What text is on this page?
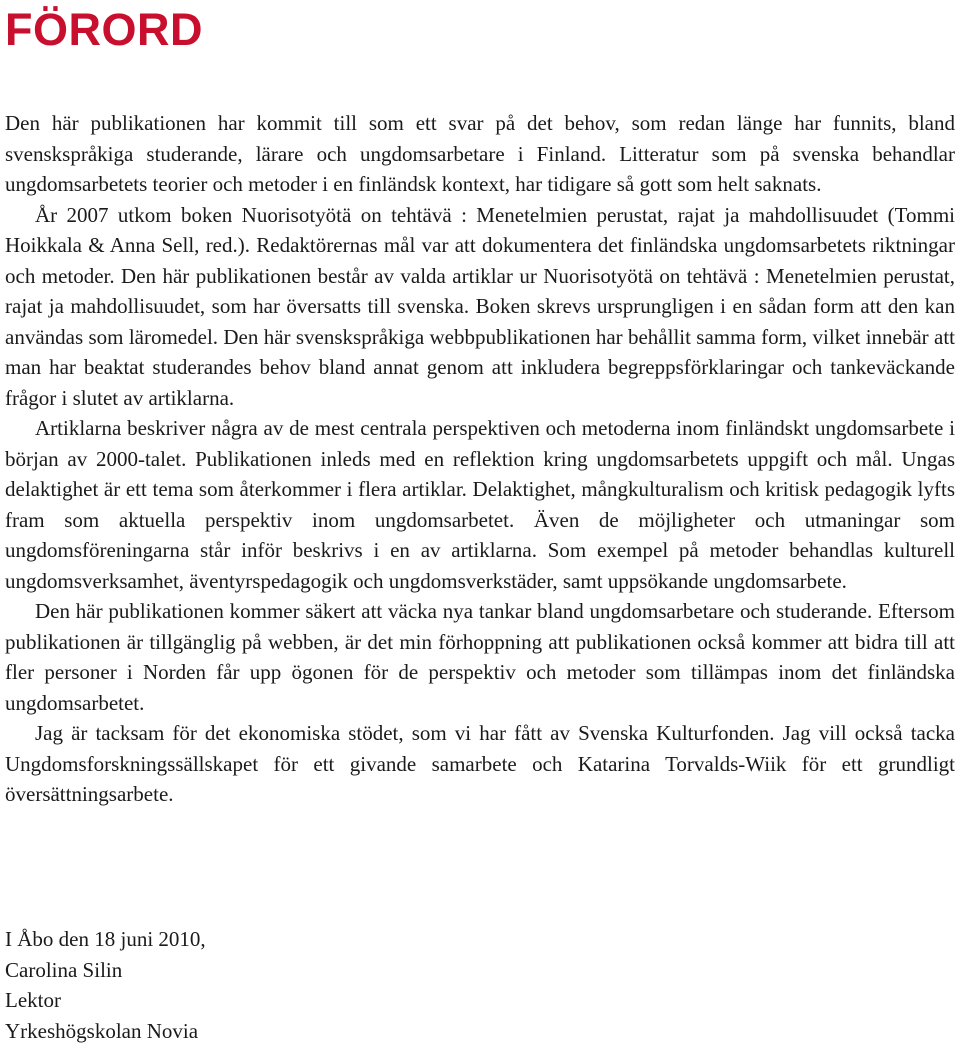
FÖRORD

Den här publikationen har kommit till som ett svar på det behov, som redan länge har funnits, bland svenskspråkiga studerande, lärare och ungdomsarbetare i Finland. Litteratur som på svenska behandlar ungdomsarbetets teorier och metoder i en finländsk kontext, har tidigare så gott som helt saknats.

År 2007 utkom boken Nuorisotyötä on tehtävä : Menetelmien perustat, rajat ja mahdollisuudet (Tommi Hoikkala & Anna Sell, red.). Redaktörernas mål var att dokumentera det finländska ungdomsarbetets riktningar och metoder. Den här publikationen består av valda artiklar ur Nuorisotyötä on tehtävä : Menetelmien perustat, rajat ja mahdollisuudet, som har översatts till svenska. Boken skrevs ursprungligen i en sådan form att den kan användas som läromedel. Den här svenskspråkiga webbpublikationen har behållit samma form, vilket innebär att man har beaktat studerandes behov bland annat genom att inkludera begreppsförklaringar och tankeväckande frågor i slutet av artiklarna.

Artiklarna beskriver några av de mest centrala perspektiven och metoderna inom finländskt ungdomsarbete i början av 2000-talet. Publikationen inleds med en reflektion kring ungdomsarbetets uppgift och mål. Ungas delaktighet är ett tema som återkommer i flera artiklar. Delaktighet, mångkulturalism och kritisk pedagogik lyfts fram som aktuella perspektiv inom ungdomsarbetet. Även de möjligheter och utmaningar som ungdomsföreningarna står inför beskrivs i en av artiklarna. Som exempel på metoder behandlas kulturell ungdomsverksamhet, äventyrspedagogik och ungdomsverkstäder, samt uppsökande ungdomsarbete.

Den här publikationen kommer säkert att väcka nya tankar bland ungdomsarbetare och studerande. Eftersom publikationen är tillgänglig på webben, är det min förhoppning att publikationen också kommer att bidra till att fler personer i Norden får upp ögonen för de perspektiv och metoder som tillämpas inom det finländska ungdomsarbetet.

Jag är tacksam för det ekonomiska stödet, som vi har fått av Svenska Kulturfonden. Jag vill också tacka Ungdomsforskningssällskapet för ett givande samarbete och Katarina Torvalds-Wiik för ett grundligt översättningsarbete.

I Åbo den 18 juni 2010,
Carolina Silin
Lektor
Yrkeshögskolan Novia
